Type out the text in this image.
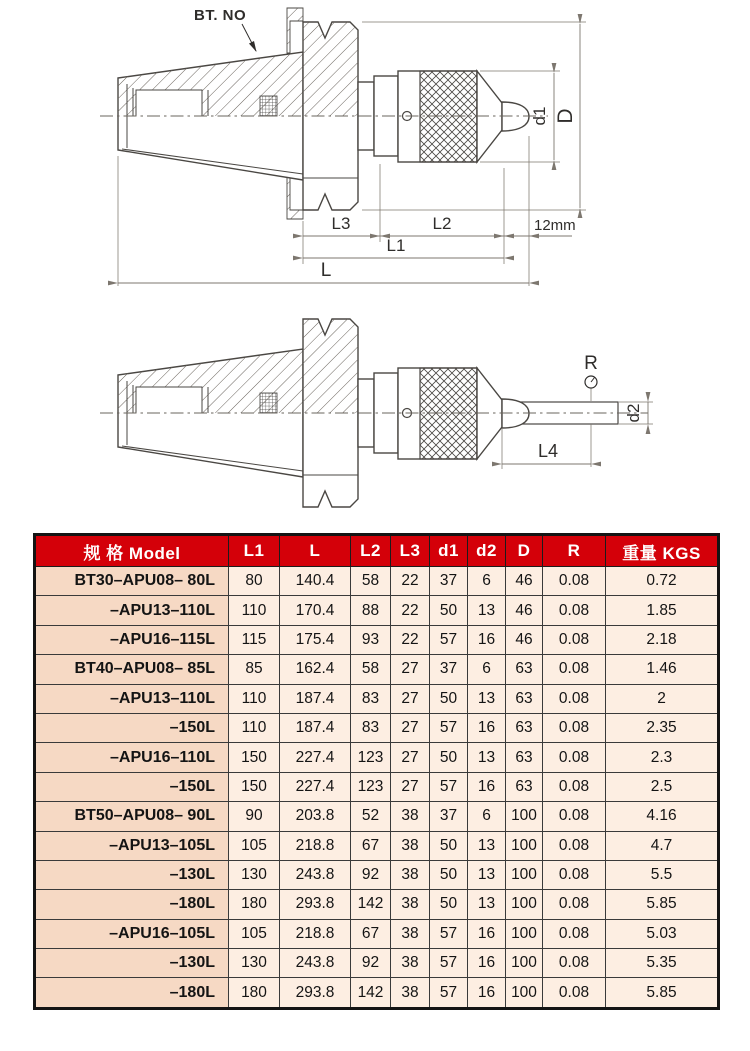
BT. NO
d1 D
L3	L2	12mm
L1
L
R
d2
L4
规 格 Model	L1	L	L2	L3	d1	d2	D	R	重量 KGS
BT30–APU08– 80L	80	140.4	58	22	37	6	46	0.08	0.72
–APU13–110L	110	170.4	88	22	50	13	46	0.08	1.85
–APU16–115L	115	175.4	93	22	57	16	46	0.08	2.18
BT40–APU08– 85L	85	162.4	58	27	37	6	63	0.08	1.46
–APU13–110L	110	187.4	83	27	50	13	63	0.08	2
–150L	110	187.4	83	27	57	16	63	0.08	2.35
–APU16–110L	150	227.4	123	27	50	13	63	0.08	2.3
–150L	150	227.4	123	27	57	16	63	0.08	2.5
BT50–APU08– 90L	90	203.8	52	38	37	6	100	0.08	4.16
–APU13–105L	105	218.8	67	38	50	13	100	0.08	4.7
–130L	130	243.8	92	38	50	13	100	0.08	5.5
–180L	180	293.8	142	38	50	13	100	0.08	5.85
–APU16–105L	105	218.8	67	38	57	16	100	0.08	5.03
–130L	130	243.8	92	38	57	16	100	0.08	5.35
–180L	180	293.8	142	38	57	16	100	0.08	5.85
